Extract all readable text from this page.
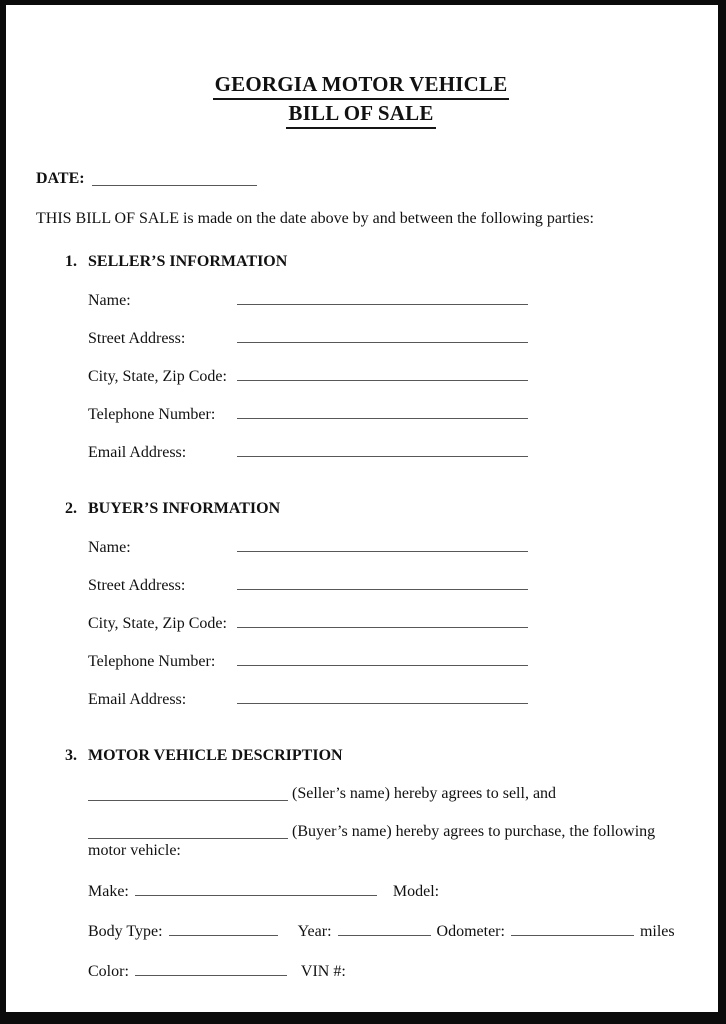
GEORGIA MOTOR VEHICLE
BILL OF SALE
DATE:
THIS BILL OF SALE is made on the date above by and between the following parties:
1. SELLER’S INFORMATION
Name:
Street Address:
City, State, Zip Code:
Telephone Number:
Email Address:
2. BUYER’S INFORMATION
Name:
Street Address:
City, State, Zip Code:
Telephone Number:
Email Address:
3. MOTOR VEHICLE DESCRIPTION

(Seller’s name) hereby agrees to sell, and

(Buyer’s name) hereby agrees to purchase, the following motor vehicle:

Make:	Model:
Body Type:	Year:	Odometer:	miles
Color:	VIN #:
